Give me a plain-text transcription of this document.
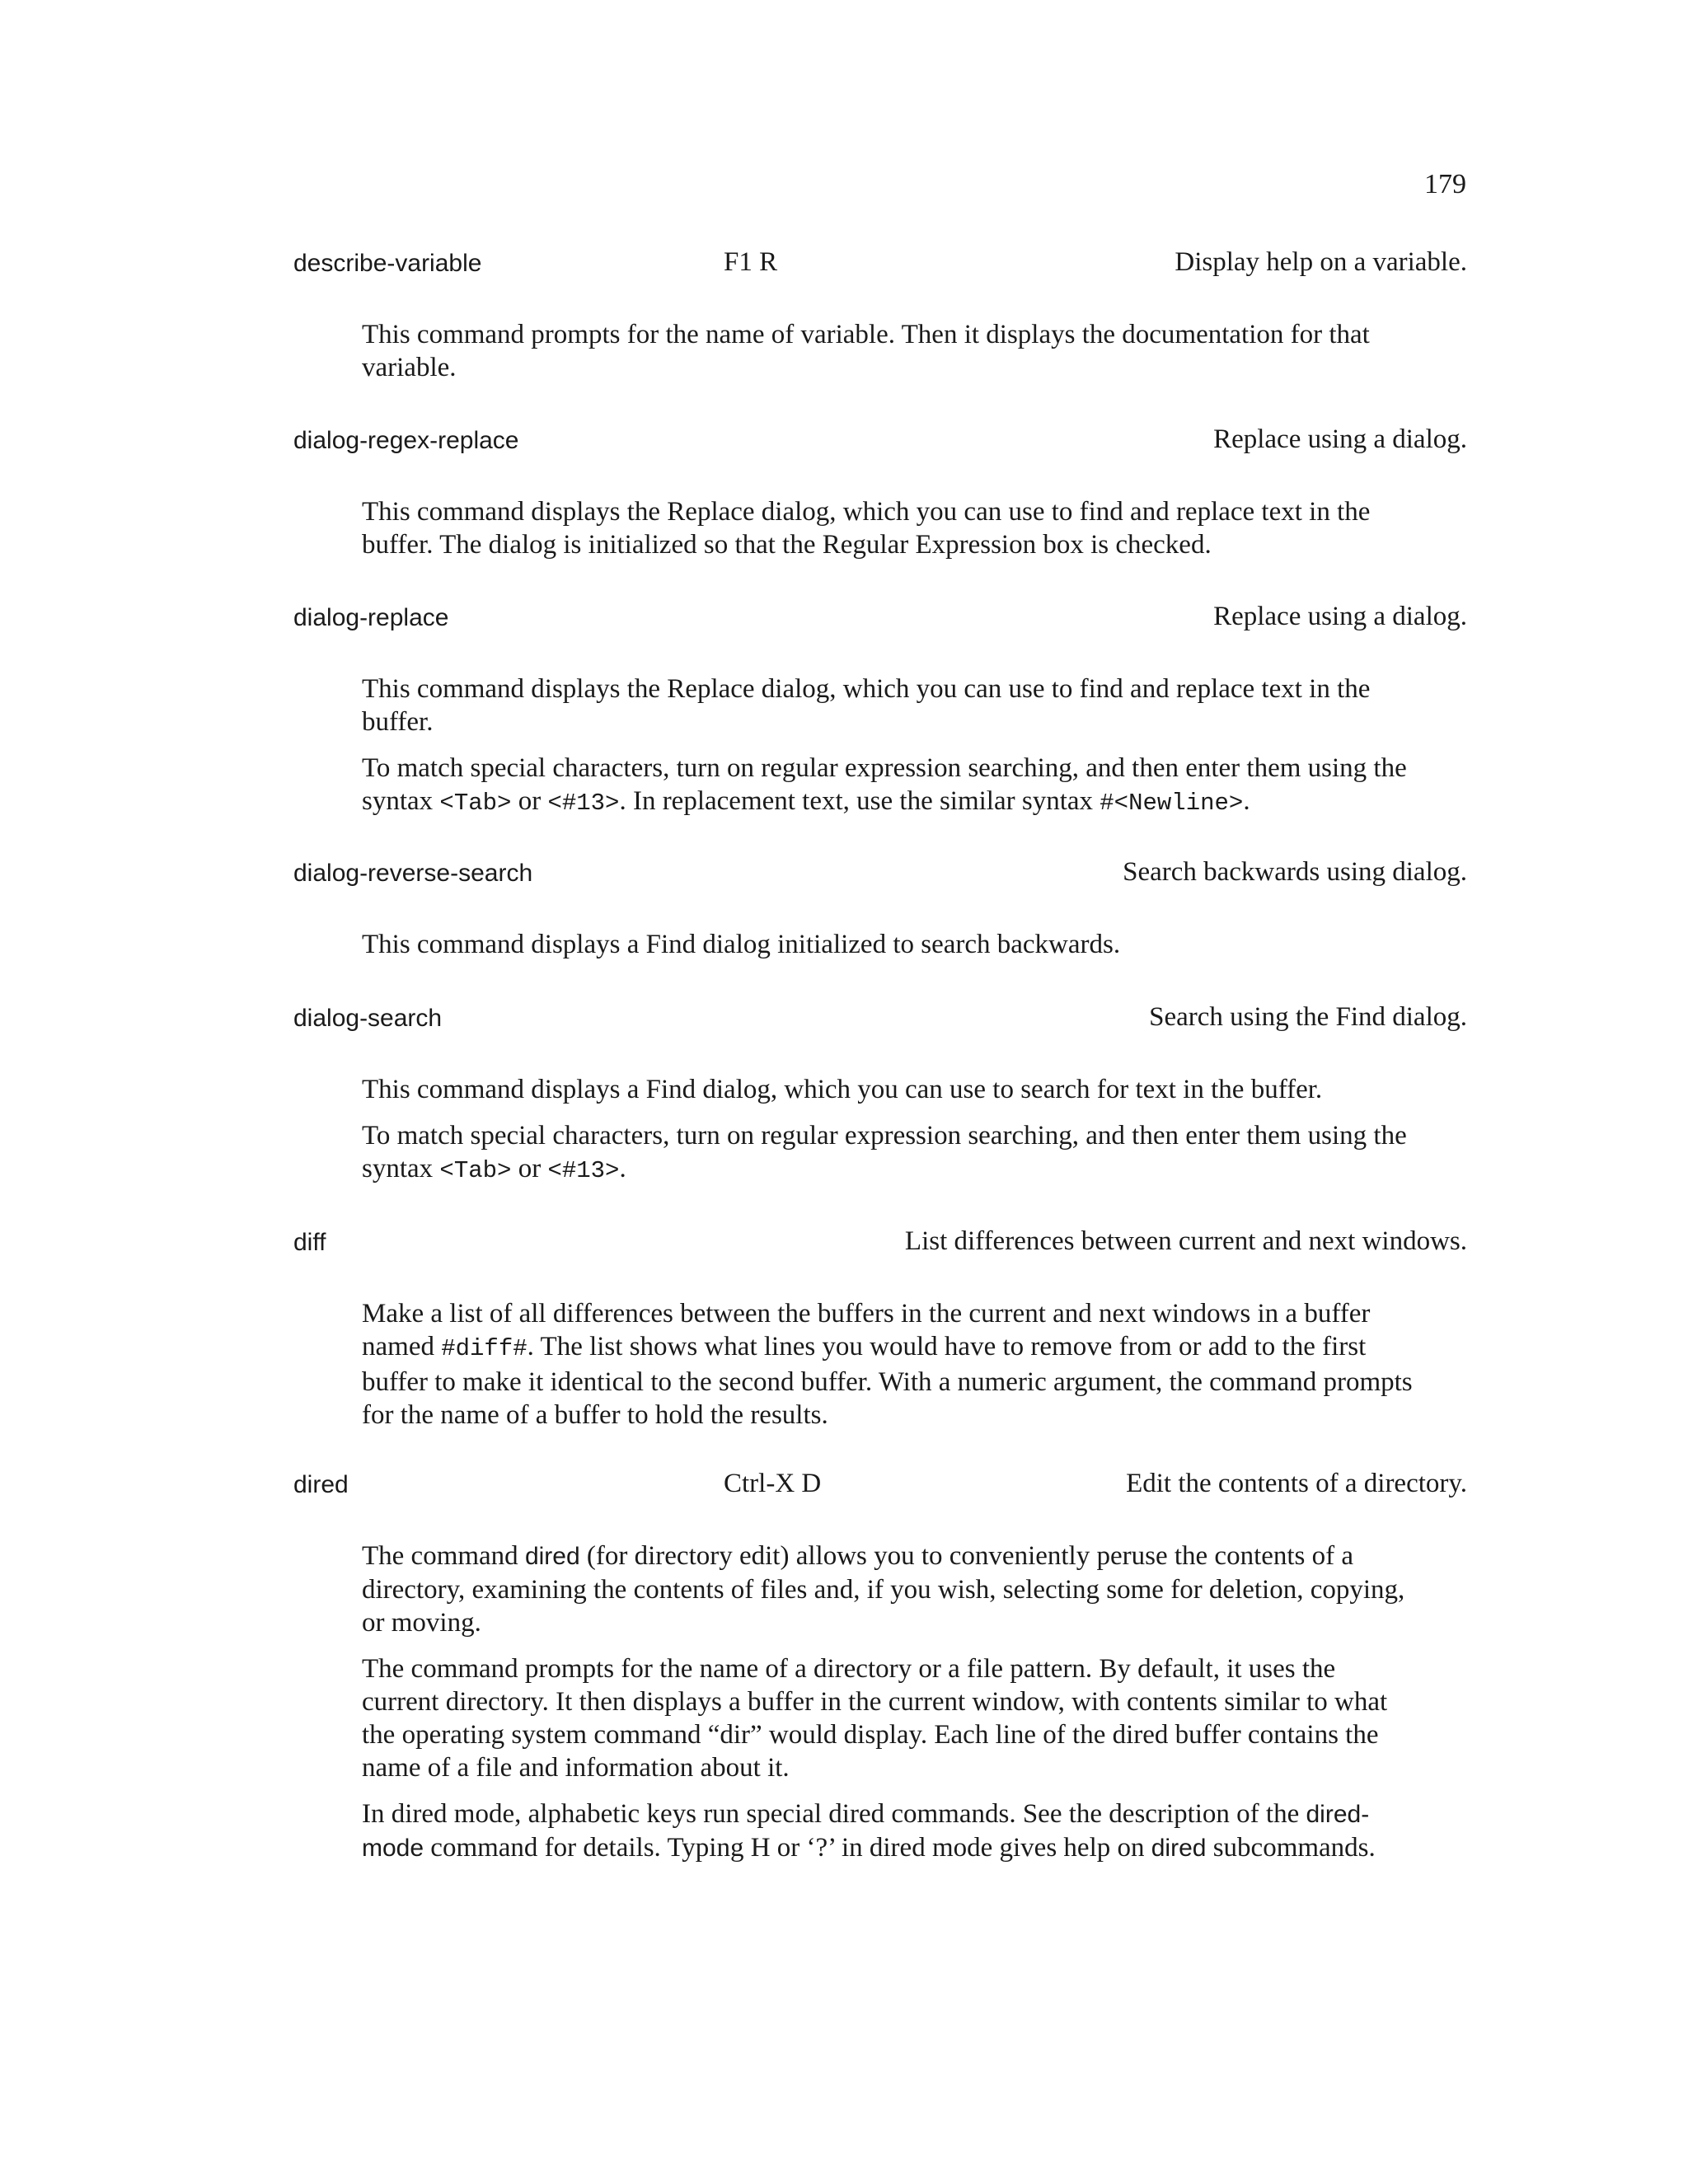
179
describe-variable	F1 R	Display help on a variable.

This command prompts for the name of variable. Then it displays the documentation for that variable.

dialog-regex-replace	Replace using a dialog.

This command displays the Replace dialog, which you can use to find and replace text in the buffer. The dialog is initialized so that the Regular Expression box is checked.

dialog-replace	Replace using a dialog.

This command displays the Replace dialog, which you can use to find and replace text in the buffer.

To match special characters, turn on regular expression searching, and then enter them using the syntax <Tab> or <#13>. In replacement text, use the similar syntax #<Newline>.

dialog-reverse-search	Search backwards using dialog.

This command displays a Find dialog initialized to search backwards.

dialog-search	Search using the Find dialog.

This command displays a Find dialog, which you can use to search for text in the buffer.

To match special characters, turn on regular expression searching, and then enter them using the syntax <Tab> or <#13>.

diff	List differences between current and next windows.

Make a list of all differences between the buffers in the current and next windows in a buffer named #diff#. The list shows what lines you would have to remove from or add to the first buffer to make it identical to the second buffer. With a numeric argument, the command prompts for the name of a buffer to hold the results.

dired	Ctrl-X D	Edit the contents of a directory.

The command dired (for directory edit) allows you to conveniently peruse the contents of a directory, examining the contents of files and, if you wish, selecting some for deletion, copying, or moving.

The command prompts for the name of a directory or a file pattern. By default, it uses the current directory. It then displays a buffer in the current window, with contents similar to what the operating system command “dir” would display. Each line of the dired buffer contains the name of a file and information about it.

In dired mode, alphabetic keys run special dired commands. See the description of the dired-mode command for details. Typing H or ‘?’ in dired mode gives help on dired subcommands.
